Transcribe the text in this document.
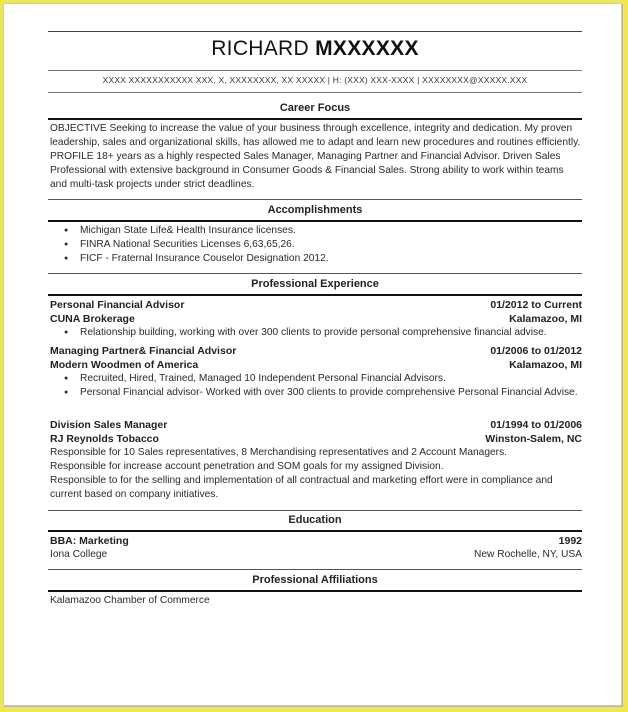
RICHARD MXXXXXX
XXXX XXXXXXXXXXX XXX, X, XXXXXXXX, XX XXXXX | H: (XXX) XXX-XXXX | XXXXXXXX@XXXXX.XXX
Career Focus
OBJECTIVE Seeking to increase the value of your business through excellence, integrity and dedication. My proven leadership, sales and organizational skills, has allowed me to adapt and learn new procedures and routines efficiently. PROFILE 18+ years as a highly respected Sales Manager, Managing Partner and Financial Advisor. Driven Sales Professional with extensive background in Consumer Goods & Financial Sales. Strong ability to work within teams and multi-task projects under strict deadlines.
Accomplishments
● Michigan State Life& Health Insurance licenses.
● FINRA National Securities Licenses 6,63,65,26.
● FICF - Fraternal Insurance Couselor Designation 2012.
Professional Experience
Personal Financial Advisor	01/2012 to Current
CUNA Brokerage	Kalamazoo, MI
● Relationship building, working with over 300 clients to provide personal comprehensive financial advise.
Managing Partner& Financial Advisor	01/2006 to 01/2012
Modern Woodmen of America	Kalamazoo, MI
● Recruited, Hired, Trained, Managed 10 Independent Personal Financial Advisors.
● Personal Financial advisor- Worked with over 300 clients to provide comprehensive Personal Financial Advise.
Division Sales Manager	01/1994 to 01/2006
RJ Reynolds Tobacco	Winston-Salem, NC
Responsible for 10 Sales representatives, 8 Merchandising representatives and 2 Account Managers.
Responsible for increase account penetration and SOM goals for my assigned Division.
Responsible to for the selling and implementation of all contractual and marketing effort were in compliance and current based on company initiatives.
Education
BBA: Marketing	1992
Iona College	New Rochelle, NY, USA
Professional Affiliations
Kalamazoo Chamber of Commerce
